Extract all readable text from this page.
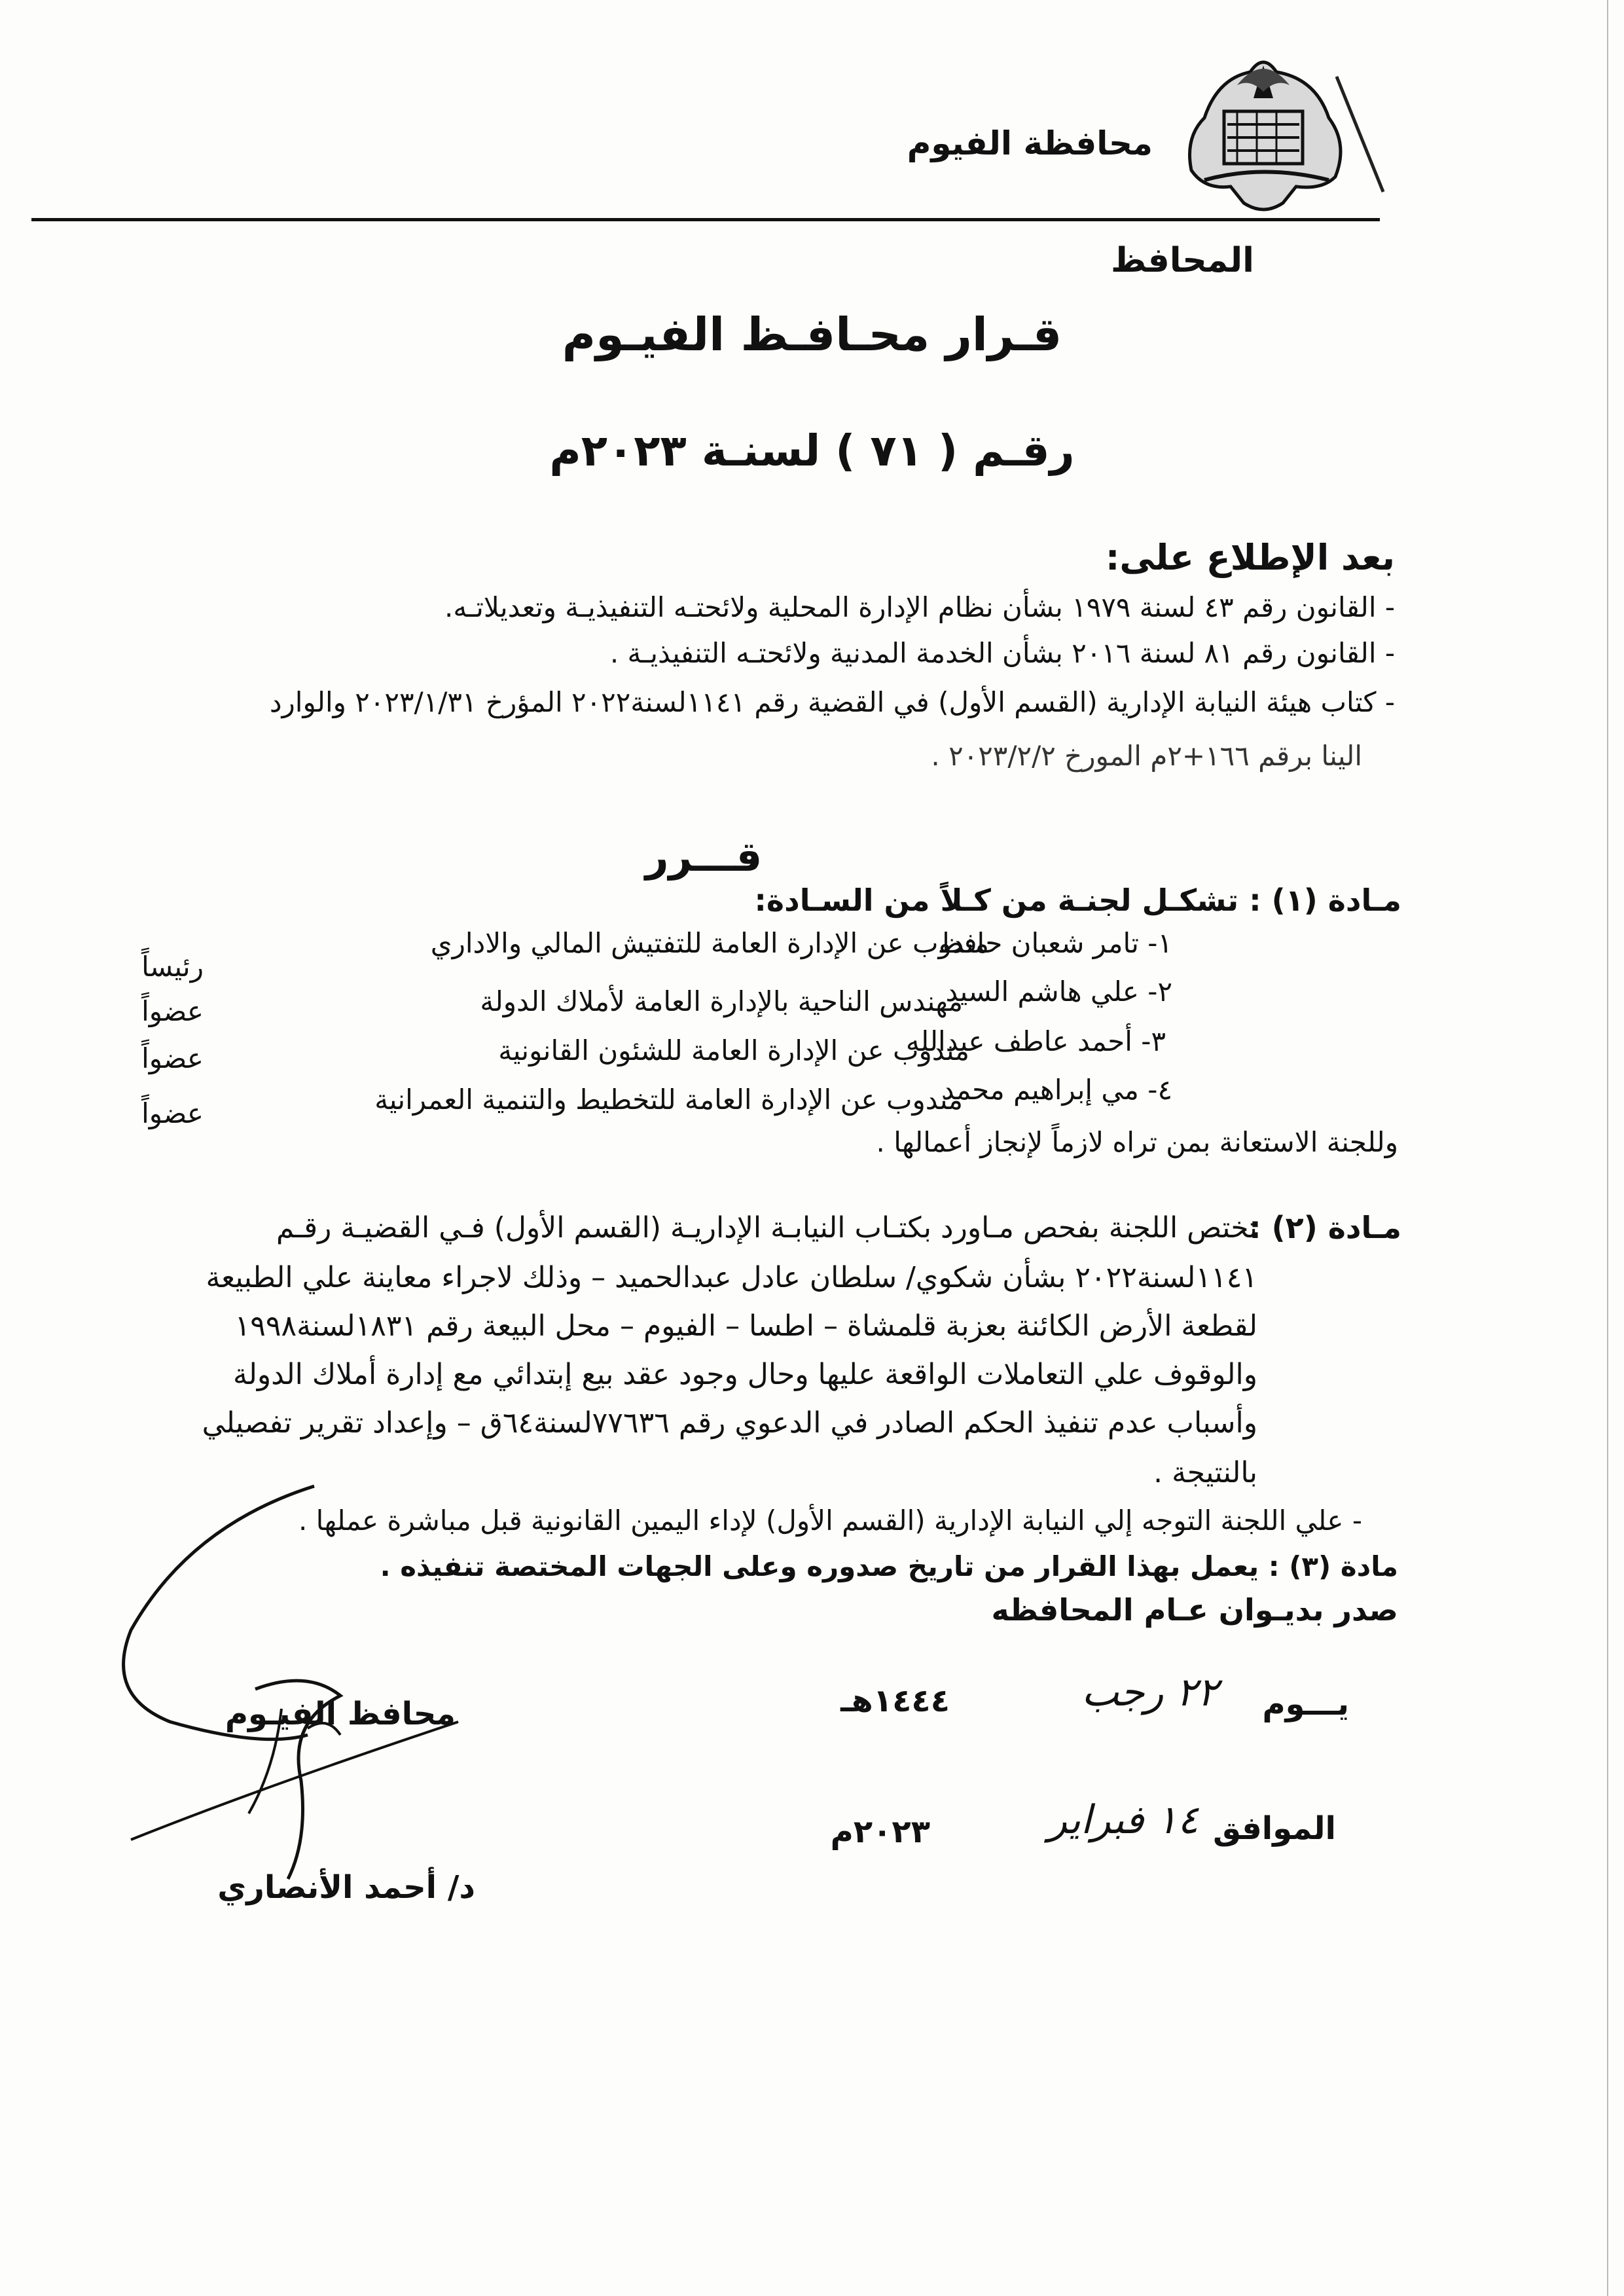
محافظة الفيوم
المحافظ
قـرار محـافـظ الفيـوم
رقـم ( ٧١ ) لسنـة ٢٠٢٣م
بعد الإطلاع على:
- القانون رقم ٤٣ لسنة ١٩٧٩ بشأن نظام الإدارة المحلية ولائحتـه التنفيذيـة وتعديلاتـه.
- القانون رقم ٨١ لسنة ٢٠١٦ بشأن الخدمة المدنية ولائحتـه التنفيذيـة .
- كتاب هيئة النيابة الإدارية (القسم الأول) في القضية رقم ١١٤١لسنة٢٠٢٢ المؤرخ ٢٠٢٣/١/٣١ والوارد
الينا برقم ١٦٦+٢م المورخ ٢٠٢٣/٢/٢ .
قـــرر
مـادة (١) : تشكـل لجنـة من كـلاً من السـادة:
١- تامر شعبان حافظ
مندوب عن الإدارة العامة للتفتيش المالي والاداري
رئيساً
٢- علي هاشم السيد
مهندس الناحية بالإدارة العامة لأملاك الدولة
عضواً
٣- أحمد عاطف عبدالله
مندوب عن الإدارة العامة للشئون القانونية
عضواً
٤- مي إبراهيم محمد
مندوب عن الإدارة العامة للتخطيط والتنمية العمرانية
عضواً
وللجنة الاستعانة بمن تراه لازماً لإنجاز أعمالها .
مـادة (٢) :
تختص اللجنة بفحص مـاورد بكتـاب النيابـة الإداريـة (القسم الأول) فـي القضيـة رقـم
١١٤١لسنة٢٠٢٢ بشأن شكوي/ سلطان عادل عبدالحميد – وذلك لاجراء معاينة علي الطبيعة
لقطعة الأرض الكائنة بعزبة قلمشاة – اطسا – الفيوم – محل البيعة رقم ١٨٣١لسنة١٩٩٨
والوقوف علي التعاملات الواقعة عليها وحال وجود عقد بيع إبتدائي مع إدارة أملاك الدولة
وأسباب عدم تنفيذ الحكم الصادر في الدعوي رقم ٧٧٦٣٦لسنة٦٤ق – وإعداد تقرير تفصيلي
بالنتيجة .
- علي اللجنة التوجه إلي النيابة الإدارية (القسم الأول) لإداء اليمين القانونية قبل مباشرة عملها .
مادة (٣) : يعمل بهذا القرار من تاريخ صدوره وعلى الجهات المختصة تنفيذه .
صدر بديـوان عـام المحافظه
يـــوم
٢٢ رجب
١٤٤٤هـ
الموافق
١٤ فبراير
٢٠٢٣م
محافظ الفيـوم
د/ أحمد الأنصاري
